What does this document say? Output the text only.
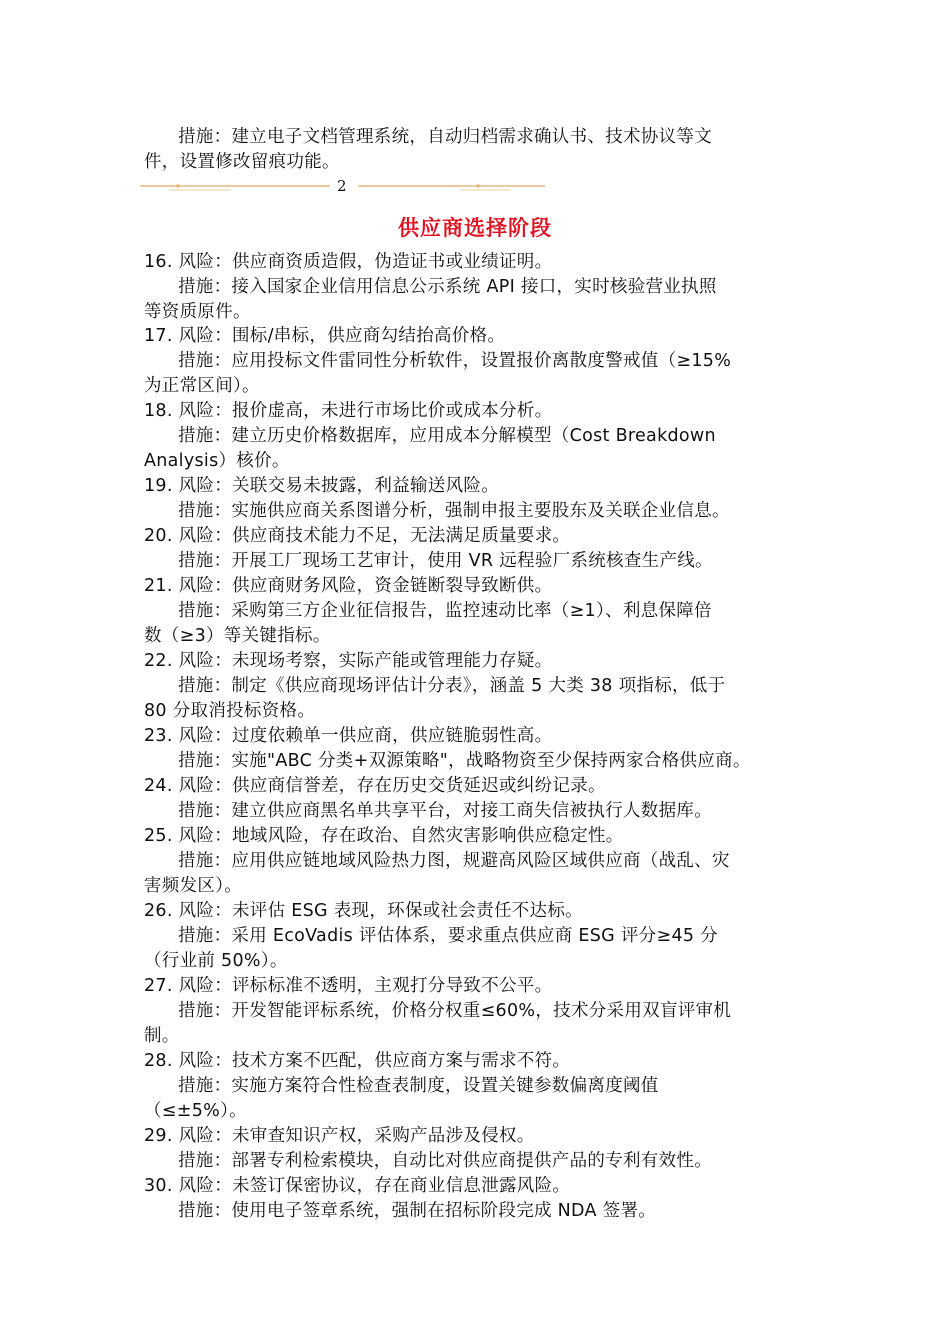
措施：建立电子文档管理系统，自动归档需求确认书、技术协议等文
件，设置修改留痕功能。
2
供应商选择阶段
16. 风险：供应商资质造假，伪造证书或业绩证明。
措施：接入国家企业信用信息公示系统 API 接口，实时核验营业执照
等资质原件。
17. 风险：围标/串标，供应商勾结抬高价格。
措施：应用投标文件雷同性分析软件，设置报价离散度警戒值（≥15%
为正常区间）。
18. 风险：报价虚高，未进行市场比价或成本分析。
措施：建立历史价格数据库，应用成本分解模型（Cost Breakdown
Analysis）核价。
19. 风险：关联交易未披露，利益输送风险。
措施：实施供应商关系图谱分析，强制申报主要股东及关联企业信息。
20. 风险：供应商技术能力不足，无法满足质量要求。
措施：开展工厂现场工艺审计，使用 VR 远程验厂系统核查生产线。
21. 风险：供应商财务风险，资金链断裂导致断供。
措施：采购第三方企业征信报告，监控速动比率（≥1）、利息保障倍
数（≥3）等关键指标。
22. 风险：未现场考察，实际产能或管理能力存疑。
措施：制定《供应商现场评估计分表》，涵盖 5 大类 38 项指标，低于
80 分取消投标资格。
23. 风险：过度依赖单一供应商，供应链脆弱性高。
措施：实施"ABC 分类+双源策略"，战略物资至少保持两家合格供应商。
24. 风险：供应商信誉差，存在历史交货延迟或纠纷记录。
措施：建立供应商黑名单共享平台，对接工商失信被执行人数据库。
25. 风险：地域风险，存在政治、自然灾害影响供应稳定性。
措施：应用供应链地域风险热力图，规避高风险区域供应商（战乱、灾
害频发区）。
26. 风险：未评估 ESG 表现，环保或社会责任不达标。
措施：采用 EcoVadis 评估体系，要求重点供应商 ESG 评分≥45 分
（行业前 50%）。
27. 风险：评标标准不透明，主观打分导致不公平。
措施：开发智能评标系统，价格分权重≤60%，技术分采用双盲评审机
制。
28. 风险：技术方案不匹配，供应商方案与需求不符。
措施：实施方案符合性检查表制度，设置关键参数偏离度阈值
（≤±5%）。
29. 风险：未审查知识产权，采购产品涉及侵权。
措施：部署专利检索模块，自动比对供应商提供产品的专利有效性。
30. 风险：未签订保密协议，存在商业信息泄露风险。
措施：使用电子签章系统，强制在招标阶段完成 NDA 签署。
